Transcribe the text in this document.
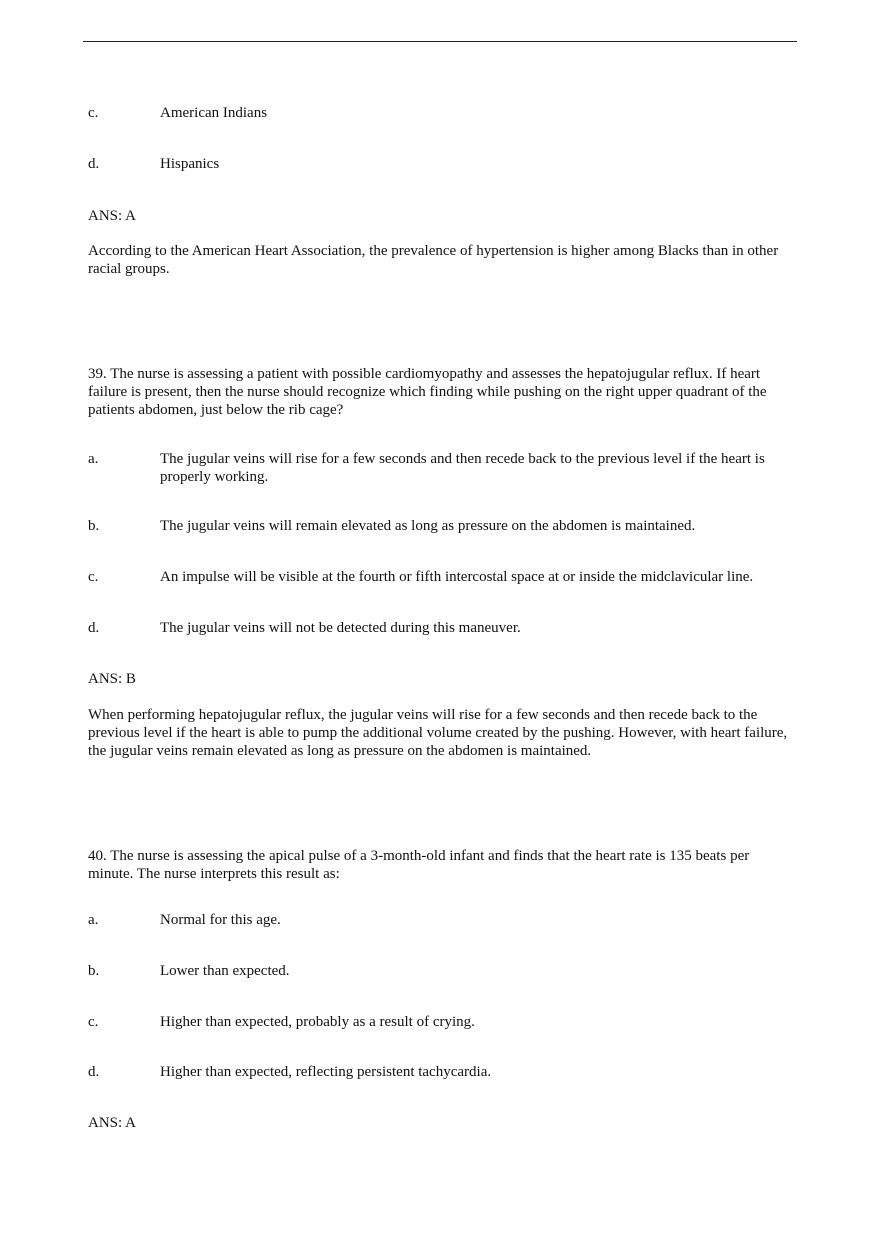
c.	American Indians
d.	Hispanics

ANS: A

According to the American Heart Association, the prevalence of hypertension is higher among Blacks than in other racial groups.

39. The nurse is assessing a patient with possible cardiomyopathy and assesses the hepatojugular reflux. If heart failure is present, then the nurse should recognize which finding while pushing on the right upper quadrant of the patients abdomen, just below the rib cage?

a.	The jugular veins will rise for a few seconds and then recede back to the previous level if the heart is properly working.
b.	The jugular veins will remain elevated as long as pressure on the abdomen is maintained.
c.	An impulse will be visible at the fourth or fifth intercostal space at or inside the midclavicular line.
d.	The jugular veins will not be detected during this maneuver.

ANS: B

When performing hepatojugular reflux, the jugular veins will rise for a few seconds and then recede back to the previous level if the heart is able to pump the additional volume created by the pushing. However, with heart failure, the jugular veins remain elevated as long as pressure on the abdomen is maintained.

40. The nurse is assessing the apical pulse of a 3-month-old infant and finds that the heart rate is 135 beats per minute. The nurse interprets this result as:

a.	Normal for this age.
b.	Lower than expected.
c.	Higher than expected, probably as a result of crying.
d.	Higher than expected, reflecting persistent tachycardia.

ANS: A
